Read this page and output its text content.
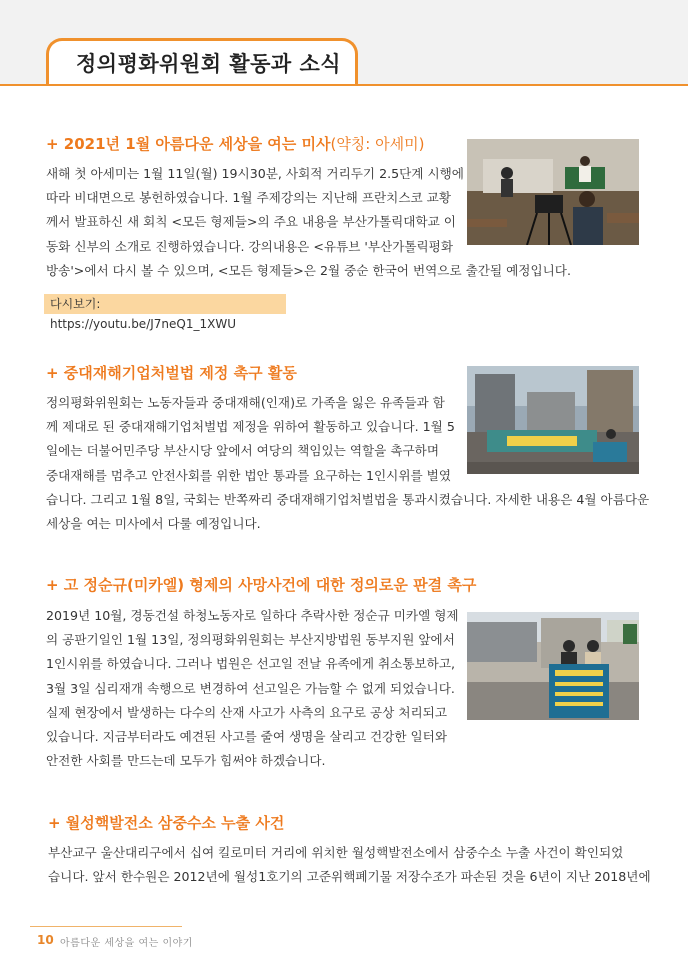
정의평화위원회 활동과 소식
+ 2021년 1월 아름다운 세상을 여는 미사(약칭: 아세미)

새해 첫 아세미는 1월 11일(월) 19시30분, 사회적 거리두기 2.5단계 시행에

따라 비대면으로 봉헌하였습니다. 1월 주제강의는 지난해 프란치스코 교황

께서 발표하신 새 회칙 <모든 형제들>의 주요 내용을 부산가톨릭대학교 이

동화 신부의 소개로 진행하였습니다. 강의내용은 <유튜브 '부산가톨릭평화

방송'>에서 다시 볼 수 있으며, <모든 형제들>은 2월 중순 한국어 번역으로 출간될 예정입니다.

다시보기: https://youtu.be/J7neQ1_1XWU
+ 중대재해기업처벌법 제정 촉구 활동

정의평화위원회는 노동자들과 중대재해(인재)로 가족을 잃은 유족들과 함

께 제대로 된 중대재해기업처벌법 제정을 위하여 활동하고 있습니다. 1월 5

일에는 더불어민주당 부산시당 앞에서 여당의 책임있는 역할을 촉구하며

중대재해를 멈추고 안전사회를 위한 법안 통과를 요구하는 1인시위를 벌였

습니다. 그리고 1월 8일, 국회는 반쪽짜리 중대재해기업처벌법을 통과시켰습니다. 자세한 내용은 4월 아름다운

세상을 여는 미사에서 다룰 예정입니다.

+ 고 정순규(미카엘) 형제의 사망사건에 대한 정의로운 판결 촉구

2019년 10월, 경동건설 하청노동자로 일하다 추락사한 정순규 미카엘 형제

의 공판기일인 1월 13일, 정의평화위원회는 부산지방법원 동부지원 앞에서

1인시위를 하였습니다. 그러나 법원은 선고일 전날 유족에게 취소통보하고,

3월 3일 심리재개 속행으로 변경하여 선고일은 가늠할 수 없게 되었습니다.

실제 현장에서 발생하는 다수의 산재 사고가 사측의 요구로 공상 처리되고

있습니다. 지금부터라도 예견된 사고를 줄여 생명을 살리고 건강한 일터와

안전한 사회를 만드는데 모두가 힘써야 하겠습니다.

+ 월성핵발전소 삼중수소 누출 사건

부산교구 울산대리구에서 십여 킬로미터 거리에 위치한 월성핵발전소에서 삼중수소 누출 사건이 확인되었

습니다. 앞서 한수원은 2012년에 월성1호기의 고준위핵폐기물 저장수조가 파손된 것을 6년이 지난 2018년에

10 아름다운 세상을 여는 이야기
